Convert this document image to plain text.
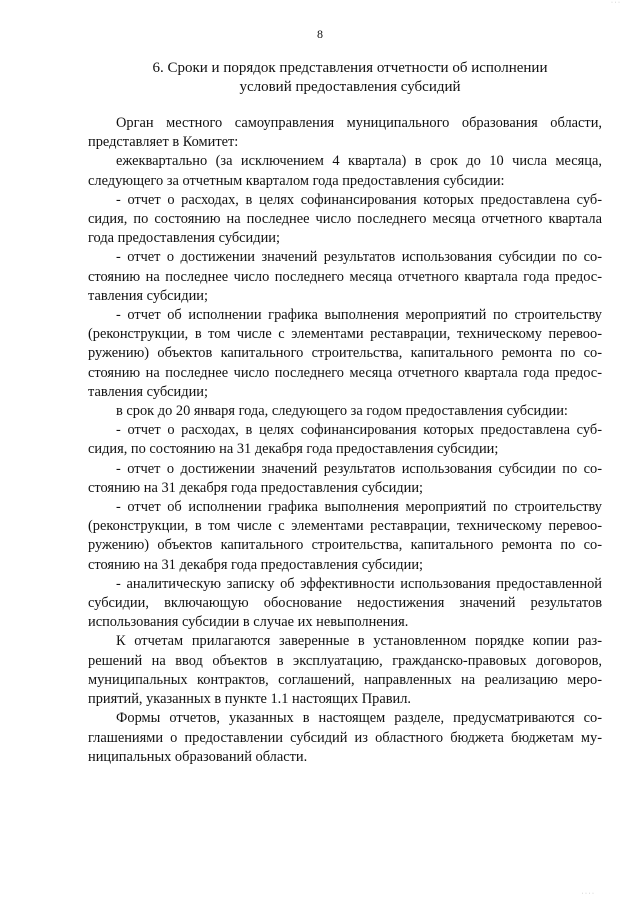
· · ·
8
6. Сроки и порядок представления отчетности об исполнении
условий предоставления субсидий

Орган местного самоуправления муниципального образования области, представляет в Комитет:

ежеквартально (за исключением 4 квартала) в срок до 10 числа месяца, следующего за отчетным кварталом года предоставления субсидии:

- отчет о расходах, в целях софинансирования которых предоставлена субсидия, по состоянию на последнее число последнего месяца отчетного квартала года предоставления субсидии;

- отчет о достижении значений результатов использования субсидии по состоянию на последнее число последнего месяца отчетного квартала года предоставления субсидии;

- отчет об исполнении графика выполнения мероприятий по строительству (реконструкции, в том числе с элементами реставрации, техническому перевооружению) объектов капитального строительства, капитального ремонта по состоянию на последнее число последнего месяца отчетного квартала года предоставления субсидии;

в срок до 20 января года, следующего за годом предоставления субсидии:

- отчет о расходах, в целях софинансирования которых предоставлена субсидия, по состоянию на 31 декабря года предоставления субсидии;

- отчет о достижении значений результатов использования субсидии по состоянию на 31 декабря года предоставления субсидии;

- отчет об исполнении графика выполнения мероприятий по строительству (реконструкции, в том числе с элементами реставрации, техническому перевооружению) объектов капитального строительства, капитального ремонта по состоянию на 31 декабря года предоставления субсидии;

- аналитическую записку об эффективности использования предоставленной субсидии, включающую обоснование недостижения значений результатов использования субсидии в случае их невыполнения.

К отчетам прилагаются заверенные в установленном порядке копии разрешений на ввод объектов в эксплуатацию, гражданско-правовых договоров, муниципальных контрактов, соглашений, направленных на реализацию мероприятий, указанных в пункте 1.1 настоящих Правил.

Формы отчетов, указанных в настоящем разделе, предусматриваются соглашениями о предоставлении субсидий из областного бюджета бюджетам муниципальных образований области.

· · · ·
